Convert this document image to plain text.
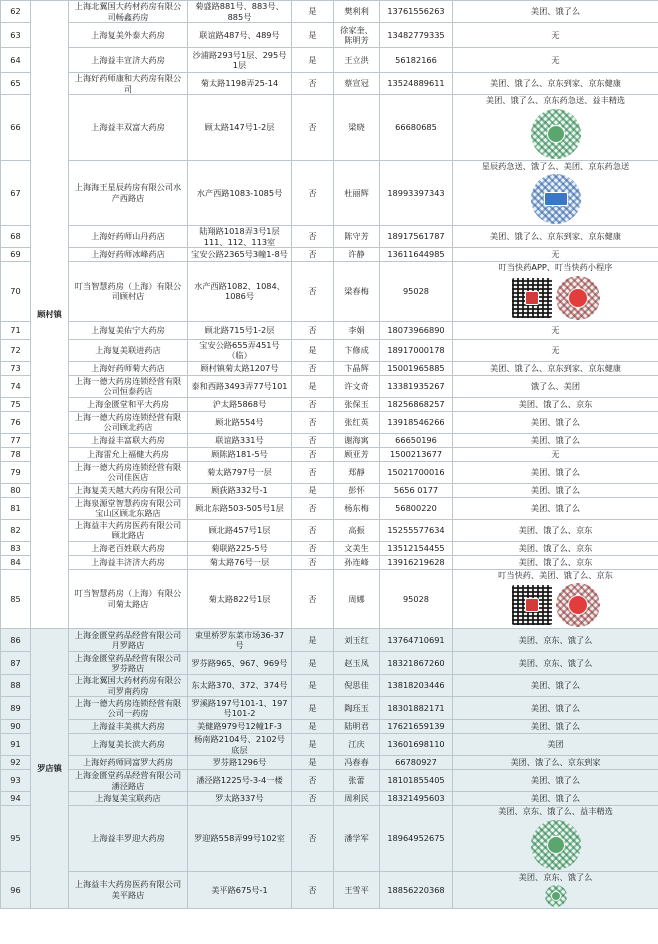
62	顾村镇	上海北翼国大药材药房有限公司畅鑫药房	菊盛路881号、883号、885号	是	樊利利	13761556263	美团、饿了么

63		上海复美外泰大药房	联谊路487号、489号	是	徐家奎、陈明芳	13482779335	无

64		上海益丰宣济大药房	沙浦路293号1层、295号1层	是	王立洪	56182166	无

65		上海好药师康和大药房有限公司	菊太路1198弄25-14	否	蔡宣冠	13524889611	美团、饿了么、京东到家、京东健康

66		上海益丰双富大药房	顾太路147号1-2层	否	梁晓	66680685	美团、饿了么、京东药急送、益丰精选

67		上海海王星辰药房有限公司水产西路店	水产西路1083-1085号	否	杜丽辉	18993397343	星辰药急送、饿了么、美团、京东药急送

68		上海好药师山丹药店	陆翔路1018弄3号1层111、112、113室	否	陈守芳	18917561787	美团、饿了么、京东到家、京东健康

69		上海好药师冰峰药店	宝安公路2365号3幢1-8号	否	许静	13611644985	无

70		叮当智慧药房（上海）有限公司顾村店	水产西路1082、1084、1086号	否	梁春梅	95028	叮当快药APP、叮当快药小程序

71		上海复美佑宁大药房	顾北路715号1-2层	否	李娟	18073966890	无

72		上海复美联进药店	宝安公路655弄451号（临）	是	卞修成	18917000178	无

73		上海好药师菊大药店	顾村镇菊太路1207号	否	卞晶辉	15001965885	美团、饿了么、京东到家、京东健康

74		上海一德大药房连锁经营有限公司恒泰药店	泰和西路3493弄77号101	是	许文奇	13381935267	饿了么、美团

75		上海金匮堂和平大药房	沪太路5868号	否	张保玉	18256868257	美团、饿了么、京东

76		上海一德大药房连锁经营有限公司顾北药店	顾北路554号	否	张红英	13918546266	美团、饿了么

77		上海益丰富联大药房	联谊路331号	否	谢海寓	66650196	美团、饿了么

78		上海雷允上福健大药房	顾陈路181-5号	否	顾亚芳	1500213677	无

79		上海一德大药房连锁经营有限公司佳医店	菊太路797号一层	否	郑靜	15021700016	美团、饿了么

80		上海复美天越大药房有限公司	顾荻路332号-1	是	彭怀	5656 0177	美团、饿了么

81		上海泉源堂智慧药房有限公司宝山区顾北东路店	顾北东路503-505号1层	否	杨东梅	56800220	美团、饿了么

82		上海益丰大药房医药有限公司顾北路店	顾北路457号1层	否	高振	15255577634	美团、饿了么、京东

83		上海老百姓联大药房	菊联路225-5号	否	文美生	13512154455	美团、饿了么、京东

84		上海益丰济济大药房	菊太路76号一层	否	孙连峰	13916219628	美团、饿了么、京东

85		叮当智慧药房（上海）有限公司菊太路店	菊太路822号1层	否	周娜	95028	叮当快药、美团、饿了么、京东

86	罗店镇	上海金匮堂药品经营有限公司月罗路店	束里桥罗东菜市场36-37号	是	刘玉红	13764710691	美团、京东、饿了么

87		上海金匮堂药品经营有限公司罗芬路店	罗芬路965、967、969号	是	赵玉凤	18321867260	美团、京东、饿了么

88		上海北翼国大药材药房有限公司罗南药房	东太路370、372、374号	是	倪思佳	13818203446	美团、饿了么

89		上海一德大药房连锁经营有限公司一药房	罗溪路197号101-1、197号101-2	是	陶珏玉	18301882171	美团、饿了么

90		上海益丰美祺大药房	美健路979号12幢1F-3	是	陆明君	17621659139	美团、饿了么

91		上海复美长滨大药房	杨南路2104号、2102号底层	是	江庆	13601698110	美团

92		上海好药师同富罗大药房	罗芬路1296号	是	冯春春	66780927	美团、饿了么、京东到家

93		上海金匮堂药品经营有限公司潘泾路店	潘泾路1225号-3-4一楼	否	张蕾	18101855405	美团、饿了么

94		上海复美宝联药店	罗太路337号	否	周利民	18321495603	美团、饿了么

95		上海益丰罗迎大药房	罗迎路558弄99号102室	否	潘学军	18964952675	美团、京东、饿了么、益丰精选

96		上海益丰大药房医药有限公司美平路店	美平路675号-1	否	王雪平	18856220368	美团、京东、饿了么
